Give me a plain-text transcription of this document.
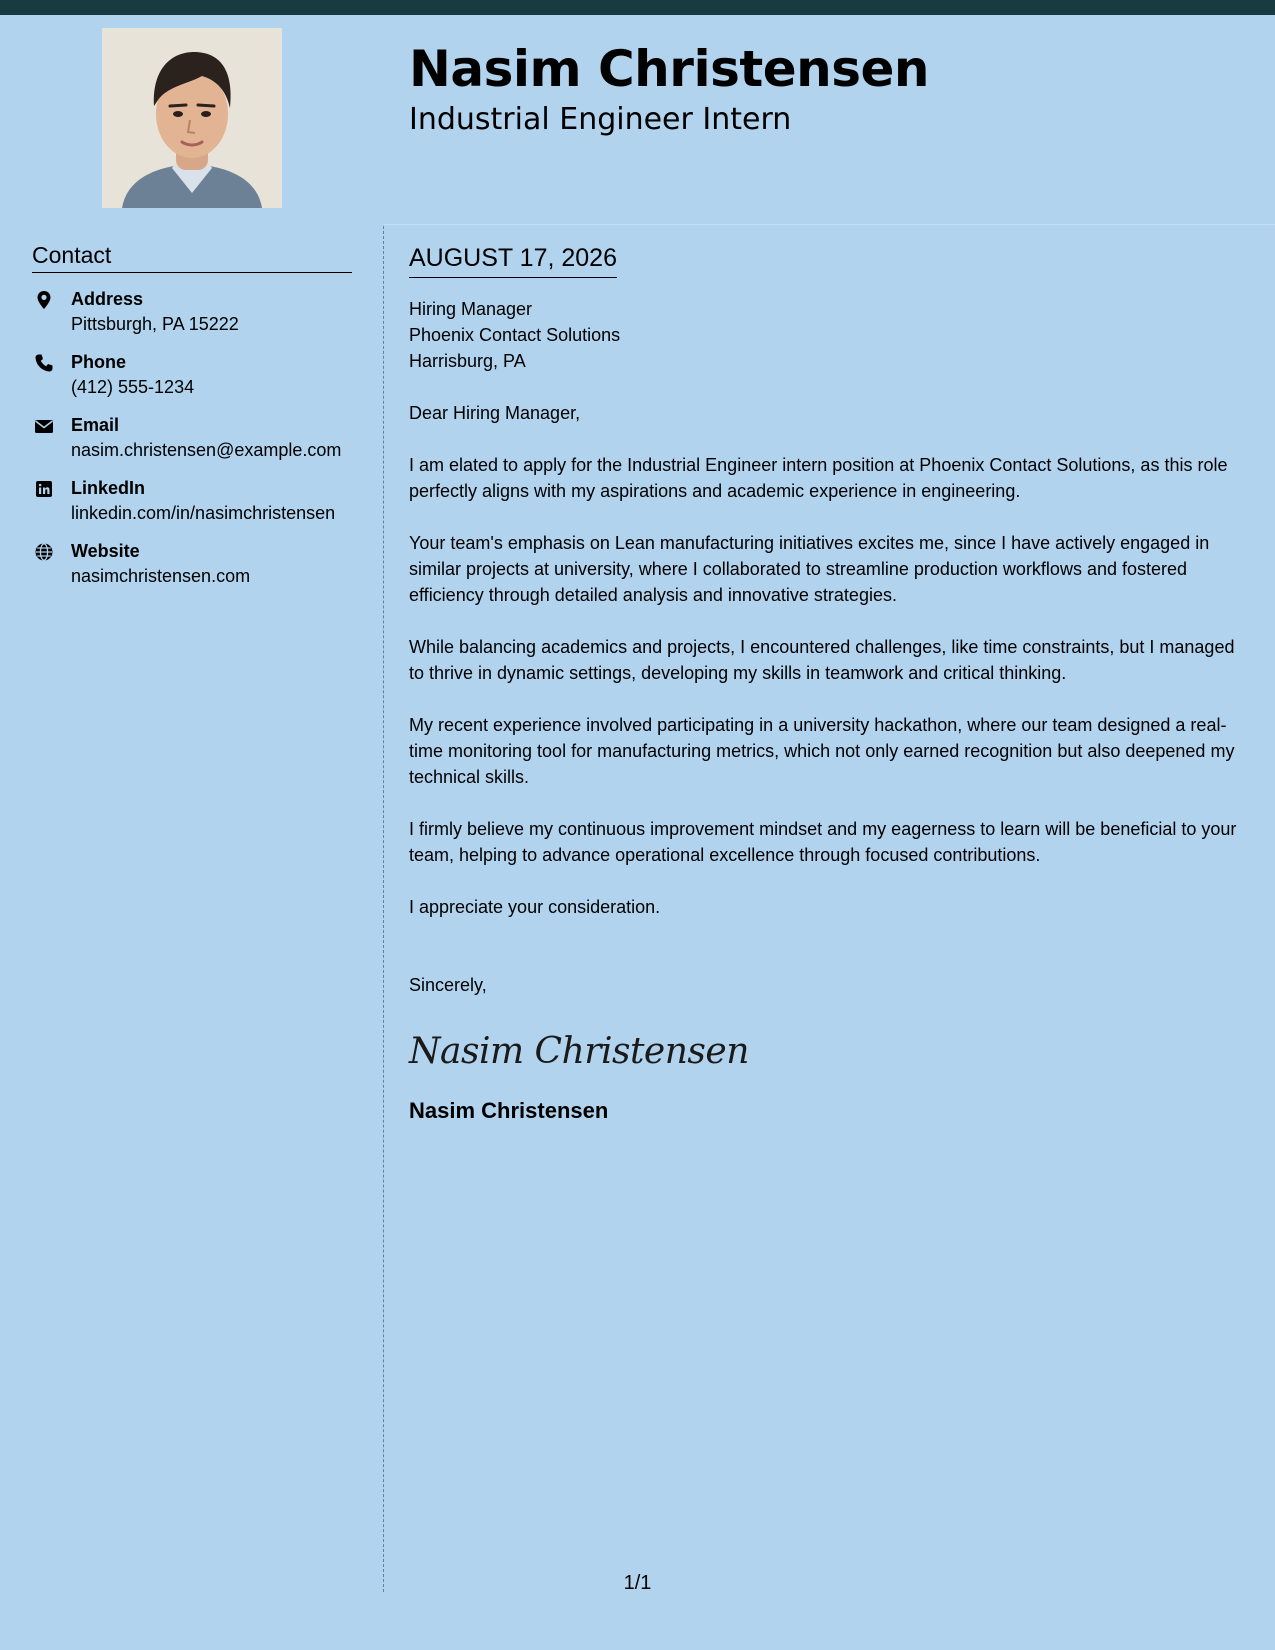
Nasim Christensen
Industrial Engineer Intern
Contact
Address
Pittsburgh, PA 15222
Phone
(412) 555-1234
Email
nasim.christensen@example.com
LinkedIn
linkedin.com/in/nasimchristensen
Website
nasimchristensen.com
AUGUST 17, 2026
Hiring Manager
Phoenix Contact Solutions
Harrisburg, PA

Dear Hiring Manager,

I am elated to apply for the Industrial Engineer intern position at Phoenix Contact Solutions, as this role perfectly aligns with my aspirations and academic experience in engineering.

Your team's emphasis on Lean manufacturing initiatives excites me, since I have actively engaged in similar projects at university, where I collaborated to streamline production workflows and fostered efficiency through detailed analysis and innovative strategies.

While balancing academics and projects, I encountered challenges, like time constraints, but I managed to thrive in dynamic settings, developing my skills in teamwork and critical thinking.

My recent experience involved participating in a university hackathon, where our team designed a real-time monitoring tool for manufacturing metrics, which not only earned recognition but also deepened my technical skills.

I firmly believe my continuous improvement mindset and my eagerness to learn will be beneficial to your team, helping to advance operational excellence through focused contributions.

I appreciate your consideration.

Sincerely,

Nasim Christensen
Nasim Christensen
1/1
